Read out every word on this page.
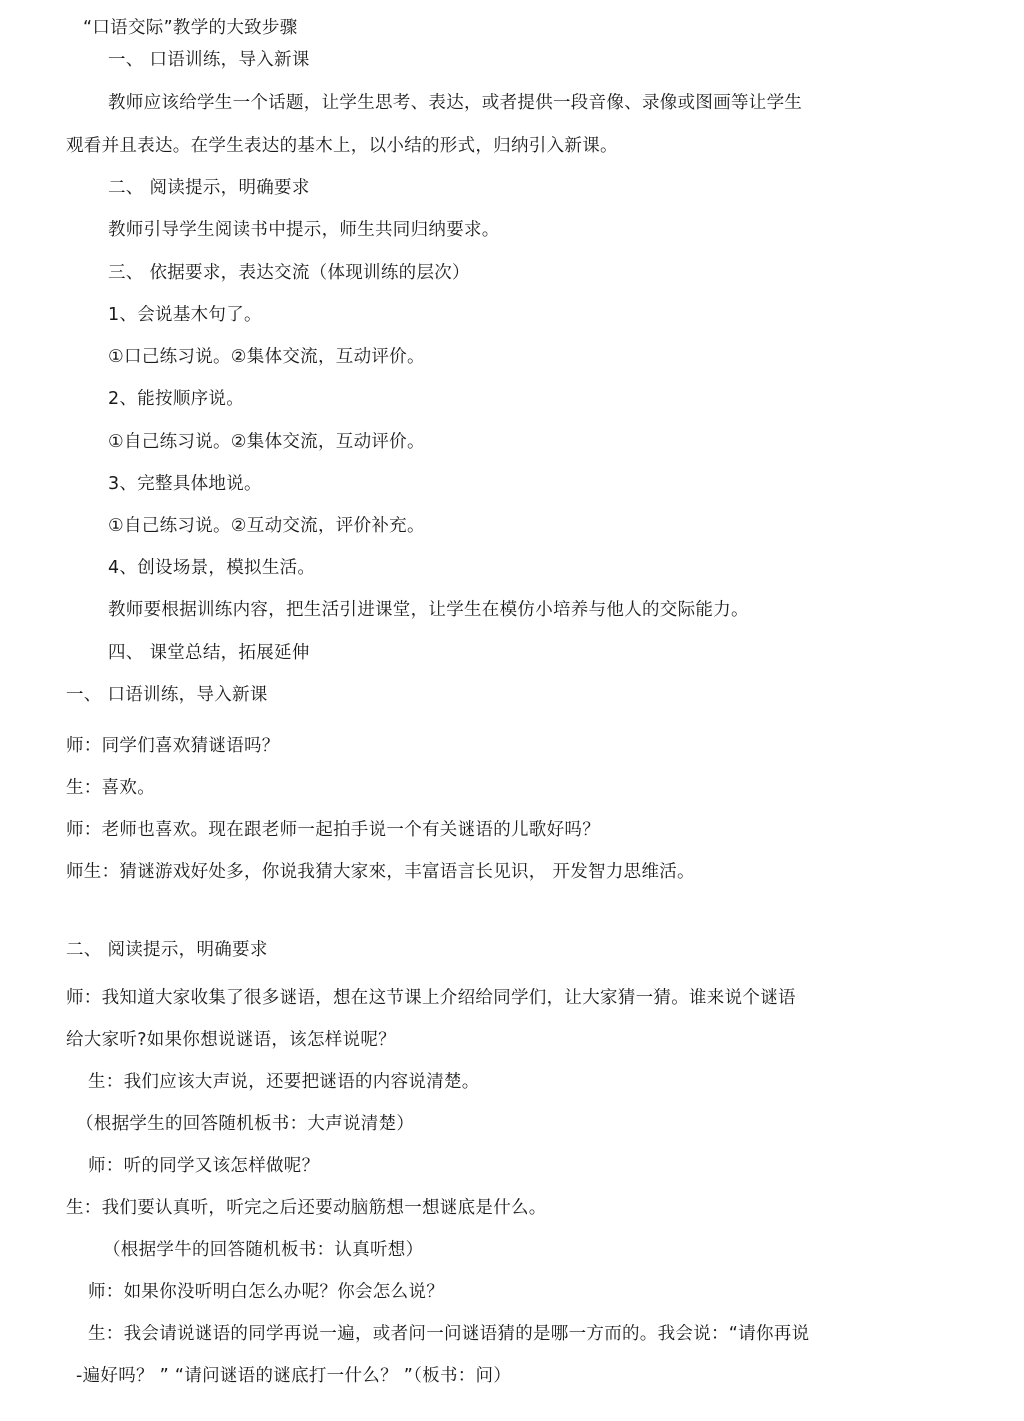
“口语交际”教学的大致步骤
一、 口语训练，导入新课
教师应该给学生一个话题，让学生思考、表达，或者提供一段音像、录像或图画等让学生
观看并且表达。在学生表达的基木上，以小结的形式，归纳引入新课。
二、 阅读提示，明确要求
教师引导学生阅读书中提示，师生共同归纳要求。
三、 依据要求，表达交流（体现训练的层次）
1、会说基木句了。
①口己练习说。②集体交流，互动评价。
2、能按顺序说。
①自己练习说。②集体交流，互动评价。
3、完整具体地说。
①自己练习说。②互动交流，评价补充。
4、创设场景，模拟生活。
教师要根据训练内容，把生活引进课堂，让学生在模仿小培养与他人的交际能力。
四、 课堂总结，拓展延伸
一、 口语训练，导入新课
师：同学们喜欢猜谜语吗？
生：喜欢。
师：老师也喜欢。现在跟老师一起拍手说一个有关谜语的儿歌好吗？
师生：猜谜游戏好处多，你说我猜大家來，丰富语言长见识， 开发智力思维活。
二、 阅读提示，明确要求
师：我知道大家收集了很多谜语，想在这节课上介绍给同学们，让大家猜一猜。谁来说个谜语
给大家听?如果你想说谜语，该怎样说呢？
生：我们应该大声说，还要把谜语的内容说清楚。
（根据学生的回答随机板书：大声说清楚）
师：听的同学又该怎样做呢？
生：我们要认真听，听完之后还要动脑筋想一想谜底是什么。
（根据学牛的回答随机板书：认真听想）
师：如果你没听明白怎么办呢？你会怎么说？
生：我会请说谜语的同学再说一遍，或者问一问谜语猜的是哪一方而的。我会说：“请你再说
-遍好吗？ ” “请问谜语的谜底打一什么？ ”（板书：问）
